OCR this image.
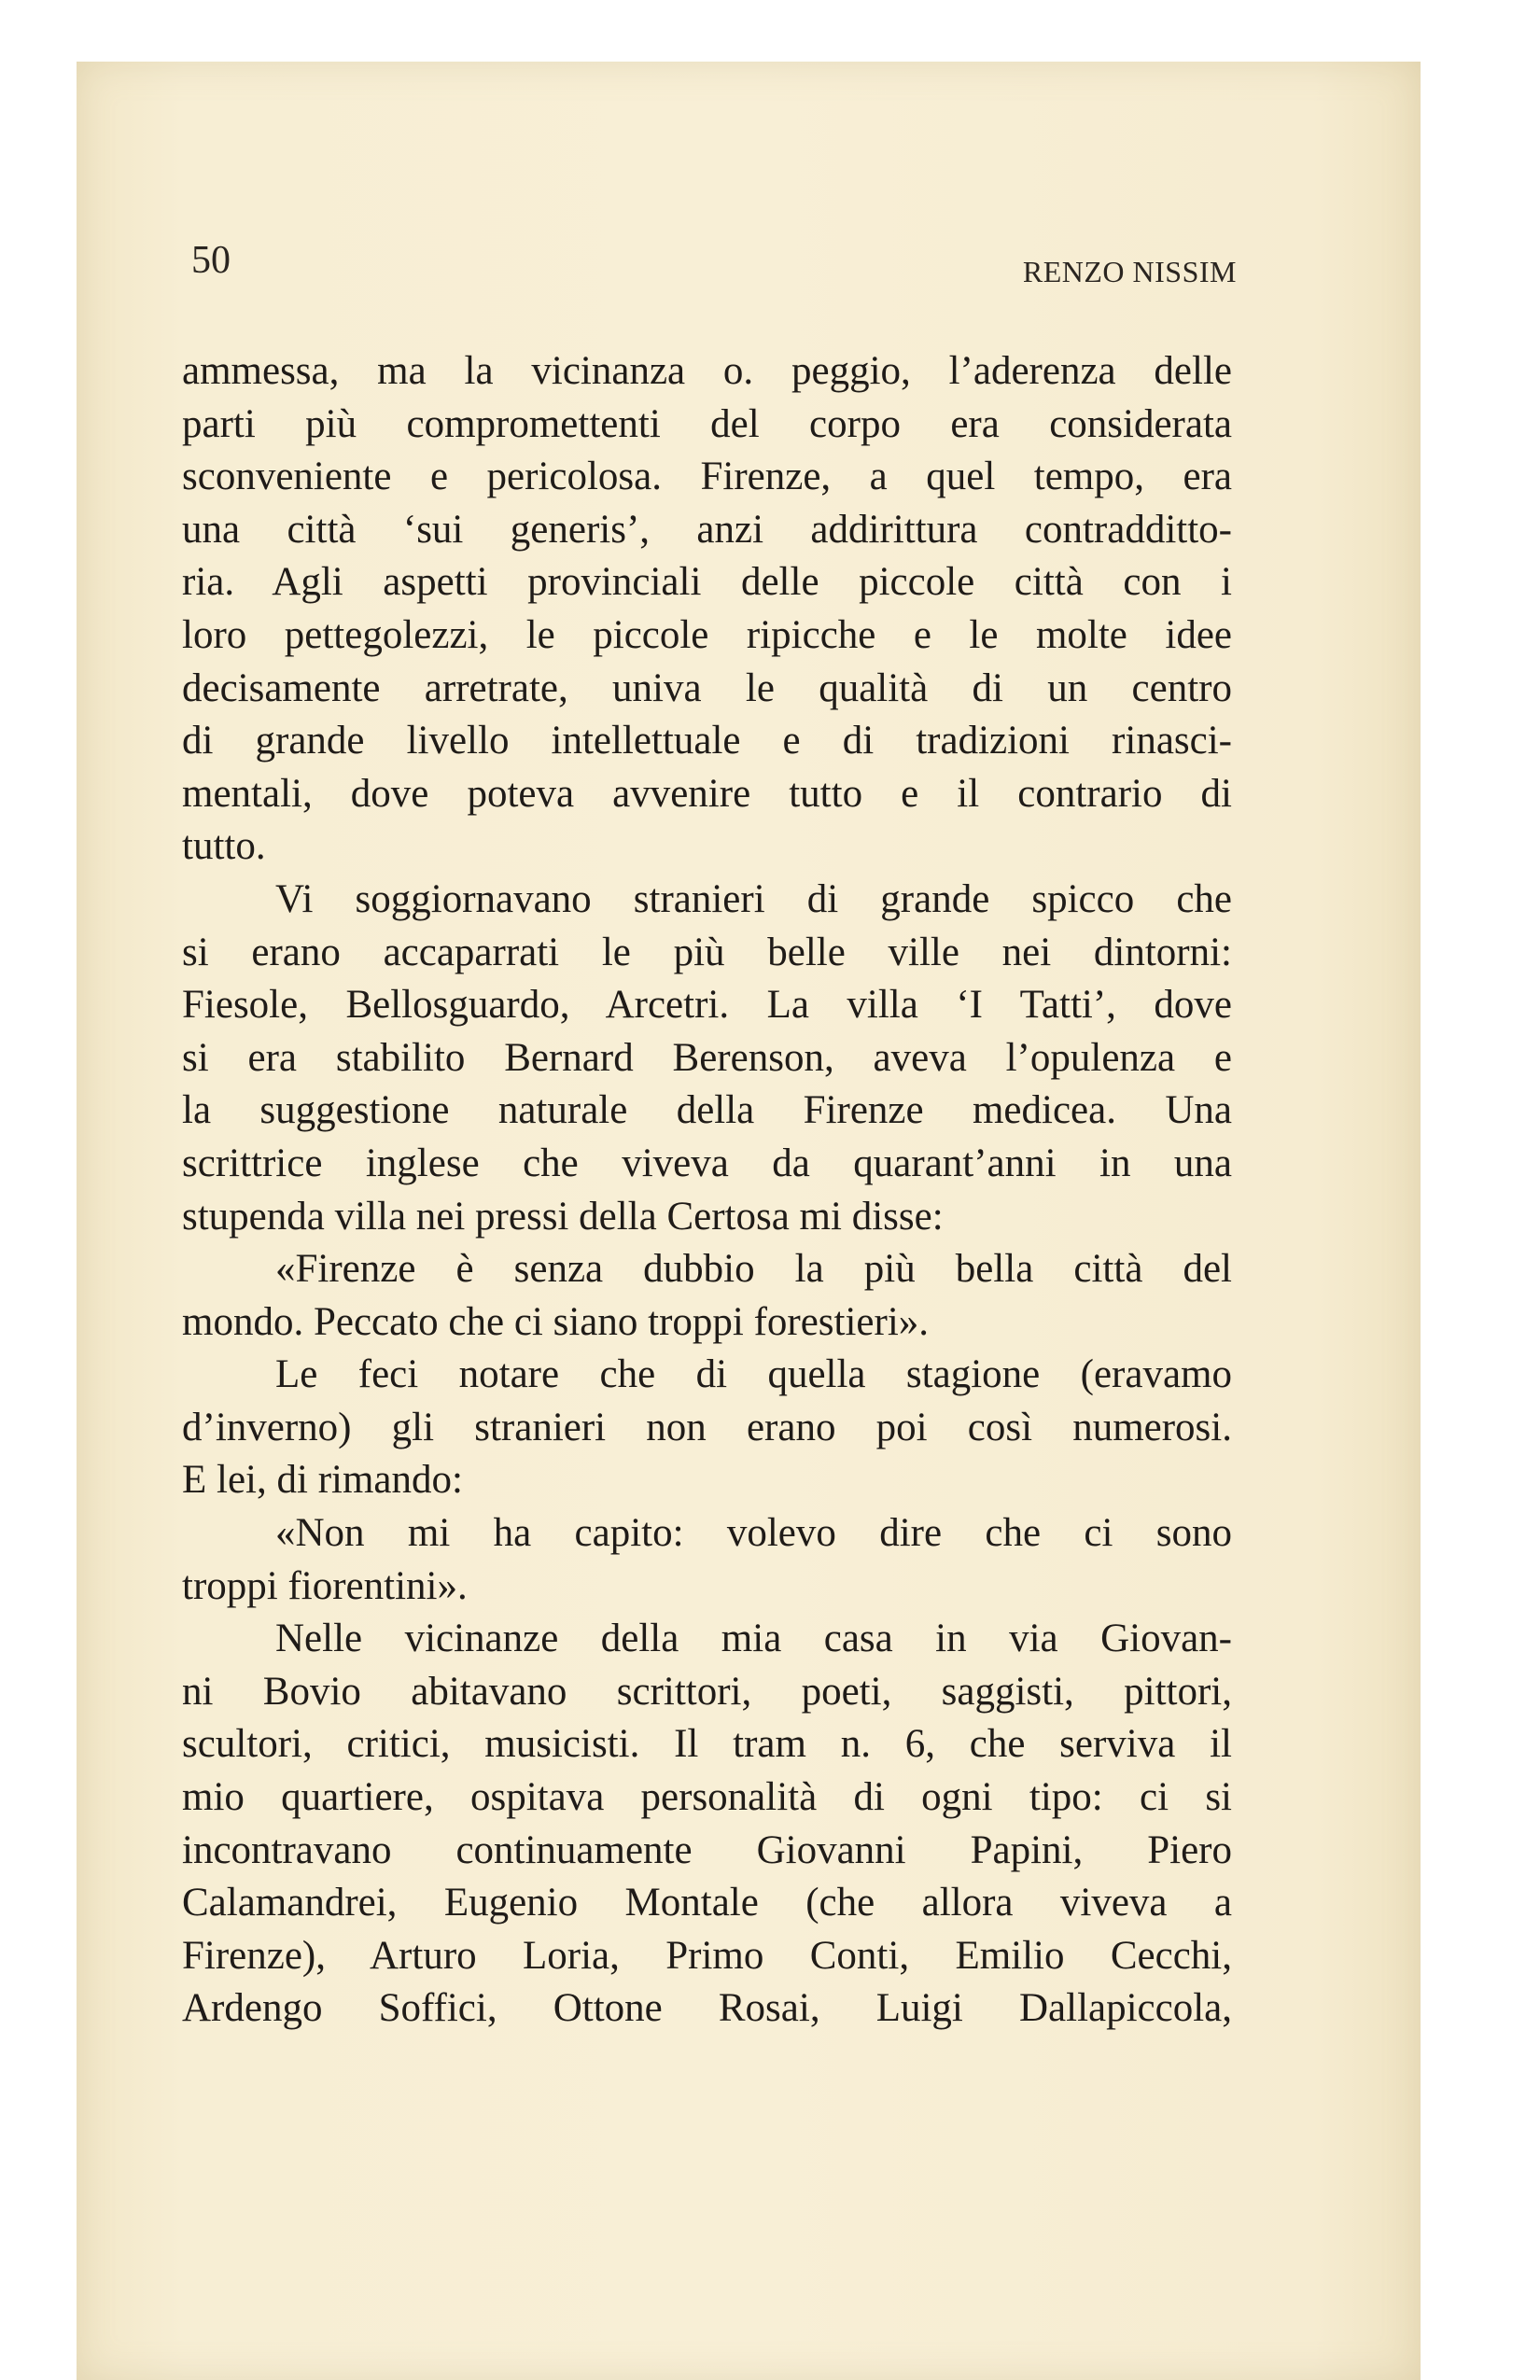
50	RENZO NISSIM
ammessa, ma la vicinanza o. peggio, l’aderenza delle
parti più compromettenti del corpo era considerata
sconveniente e pericolosa. Firenze, a quel tempo, era
una città ‘sui generis’, anzi addirittura contradditto-
ria. Agli aspetti provinciali delle piccole città con i
loro pettegolezzi, le piccole ripicche e le molte idee
decisamente arretrate, univa le qualità di un centro
di grande livello intellettuale e di tradizioni rinasci-
mentali, dove poteva avvenire tutto e il contrario di
tutto.
Vi soggiornavano stranieri di grande spicco che
si erano accaparrati le più belle ville nei dintorni:
Fiesole, Bellosguardo, Arcetri. La villa ‘I Tatti’, dove
si era stabilito Bernard Berenson, aveva l’opulenza e
la suggestione naturale della Firenze medicea. Una
scrittrice inglese che viveva da quarant’anni in una
stupenda villa nei pressi della Certosa mi disse:
«Firenze è senza dubbio la più bella città del
mondo. Peccato che ci siano troppi forestieri».
Le feci notare che di quella stagione (eravamo
d’inverno) gli stranieri non erano poi così numerosi.
E lei, di rimando:
«Non mi ha capito: volevo dire che ci sono
troppi fiorentini».
Nelle vicinanze della mia casa in via Giovan-
ni Bovio abitavano scrittori, poeti, saggisti, pittori,
scultori, critici, musicisti. Il tram n. 6, che serviva il
mio quartiere, ospitava personalità di ogni tipo: ci si
incontravano continuamente Giovanni Papini, Piero
Calamandrei, Eugenio Montale (che allora viveva a
Firenze), Arturo Loria, Primo Conti, Emilio Cecchi,
Ardengo Soffici, Ottone Rosai, Luigi Dallapiccola,
